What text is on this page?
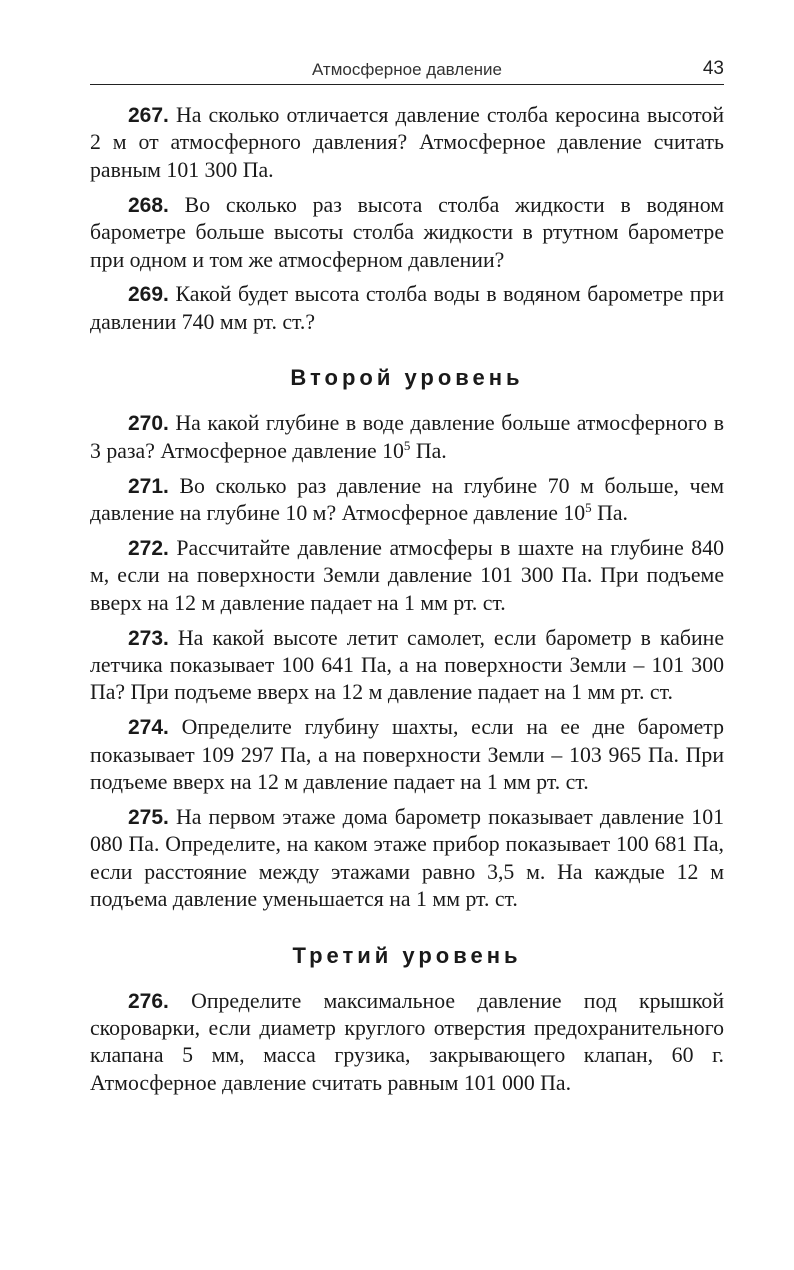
Атмосферное давление	43

267. На сколько отличается давление столба керосина высотой 2 м от атмосферного давления? Атмосферное давление считать равным 101 300 Па.

268. Во сколько раз высота столба жидкости в водяном барометре больше высоты столба жидкости в ртутном барометре при одном и том же атмосферном давлении?

269. Какой будет высота столба воды в водяном барометре при давлении 740 мм рт. ст.?

Второй уровень

270. На какой глубине в воде давление больше атмосферного в 3 раза? Атмосферное давление $10^5$ Па.

271. Во сколько раз давление на глубине 70 м больше, чем давление на глубине 10 м? Атмосферное давление $10^5$ Па.

272. Рассчитайте давление атмосферы в шахте на глубине 840 м, если на поверхности Земли давление 101 300 Па. При подъеме вверх на 12 м давление падает на 1 мм рт. ст.

273. На какой высоте летит самолет, если барометр в кабине летчика показывает 100 641 Па, а на поверхности Земли – 101 300 Па? При подъеме вверх на 12 м давление падает на 1 мм рт. ст.

274. Определите глубину шахты, если на ее дне барометр показывает 109 297 Па, а на поверхности Земли – 103 965 Па. При подъеме вверх на 12 м давление падает на 1 мм рт. ст.

275. На первом этаже дома барометр показывает давление 101 080 Па. Определите, на каком этаже прибор показывает 100 681 Па, если расстояние между этажами равно 3,5 м. На каждые 12 м подъема давление уменьшается на 1 мм рт. ст.

Третий уровень

276. Определите максимальное давление под крышкой скороварки, если диаметр круглого отверстия предохранительного клапана 5 мм, масса грузика, закрывающего клапан, 60 г. Атмосферное давление считать равным 101 000 Па.
